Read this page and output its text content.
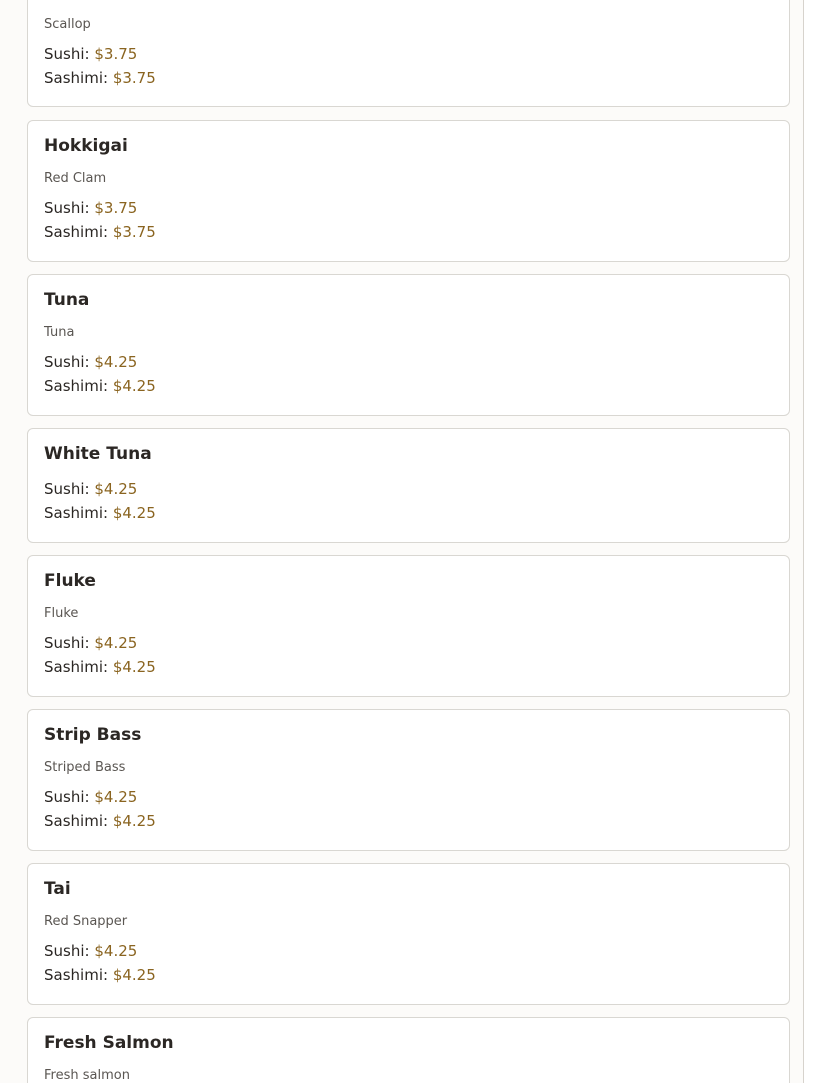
Scallop
Sushi: $3.75
Sashimi: $3.75
Hokkigai
Red Clam
Sushi: $3.75
Sashimi: $3.75
Tuna
Tuna
Sushi: $4.25
Sashimi: $4.25
White Tuna
Sushi: $4.25
Sashimi: $4.25
Fluke
Fluke
Sushi: $4.25
Sashimi: $4.25
Strip Bass
Striped Bass
Sushi: $4.25
Sashimi: $4.25
Tai
Red Snapper
Sushi: $4.25
Sashimi: $4.25
Fresh Salmon
Fresh salmon
